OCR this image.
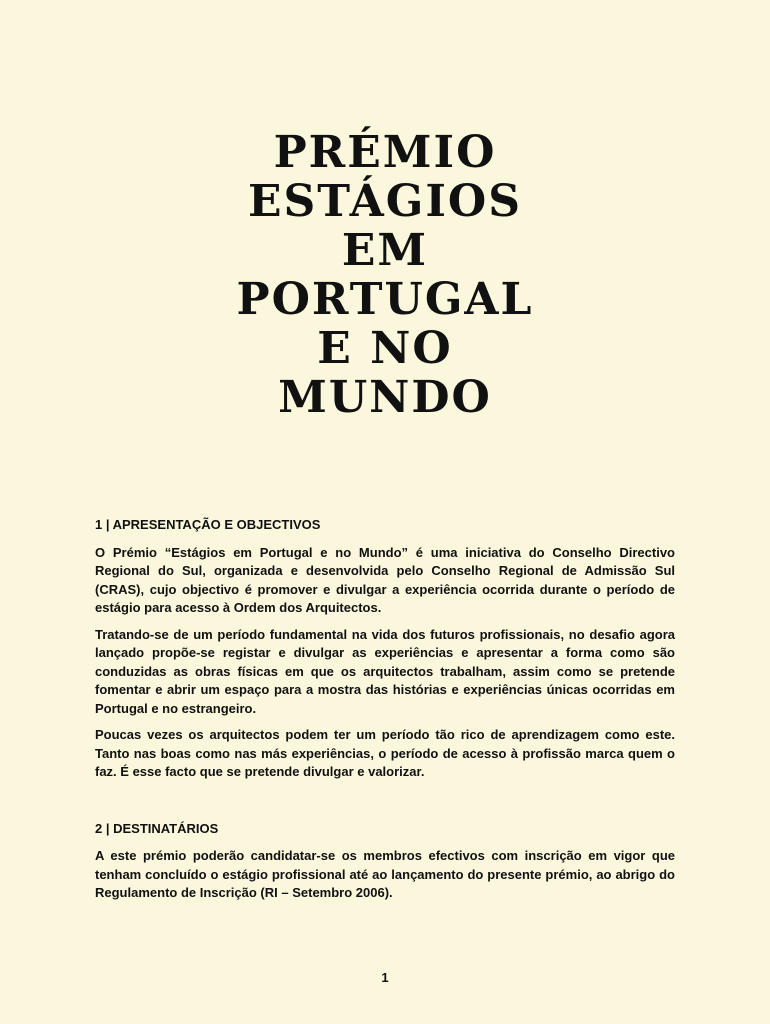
PRÉMIO
ESTÁGIOS
EM
PORTUGAL
E NO
MUNDO
1 | APRESENTAÇÃO E OBJECTIVOS

O Prémio “Estágios em Portugal e no Mundo” é uma iniciativa do Conselho Directivo Regional do Sul, organizada e desenvolvida pelo Conselho Regional de Admissão Sul (CRAS), cujo objectivo é promover e divulgar a experiência ocorrida durante o período de estágio para acesso à Ordem dos Arquitectos.

Tratando-se de um período fundamental na vida dos futuros profissionais, no desafio agora lançado propõe-se registar e divulgar as experiências e apresentar a forma como são conduzidas as obras físicas em que os arquitectos trabalham, assim como se pretende fomentar e abrir um espaço para a mostra das histórias e experiências únicas ocorridas em Portugal e no estrangeiro.

Poucas vezes os arquitectos podem ter um período tão rico de aprendizagem como este. Tanto nas boas como nas más experiências, o período de acesso à profissão marca quem o faz. É esse facto que se pretende divulgar e valorizar.

2 | DESTINATÁRIOS

A este prémio poderão candidatar-se os membros efectivos com inscrição em vigor que tenham concluído o estágio profissional até ao lançamento do presente prémio, ao abrigo do Regulamento de Inscrição (RI – Setembro 2006).

1
